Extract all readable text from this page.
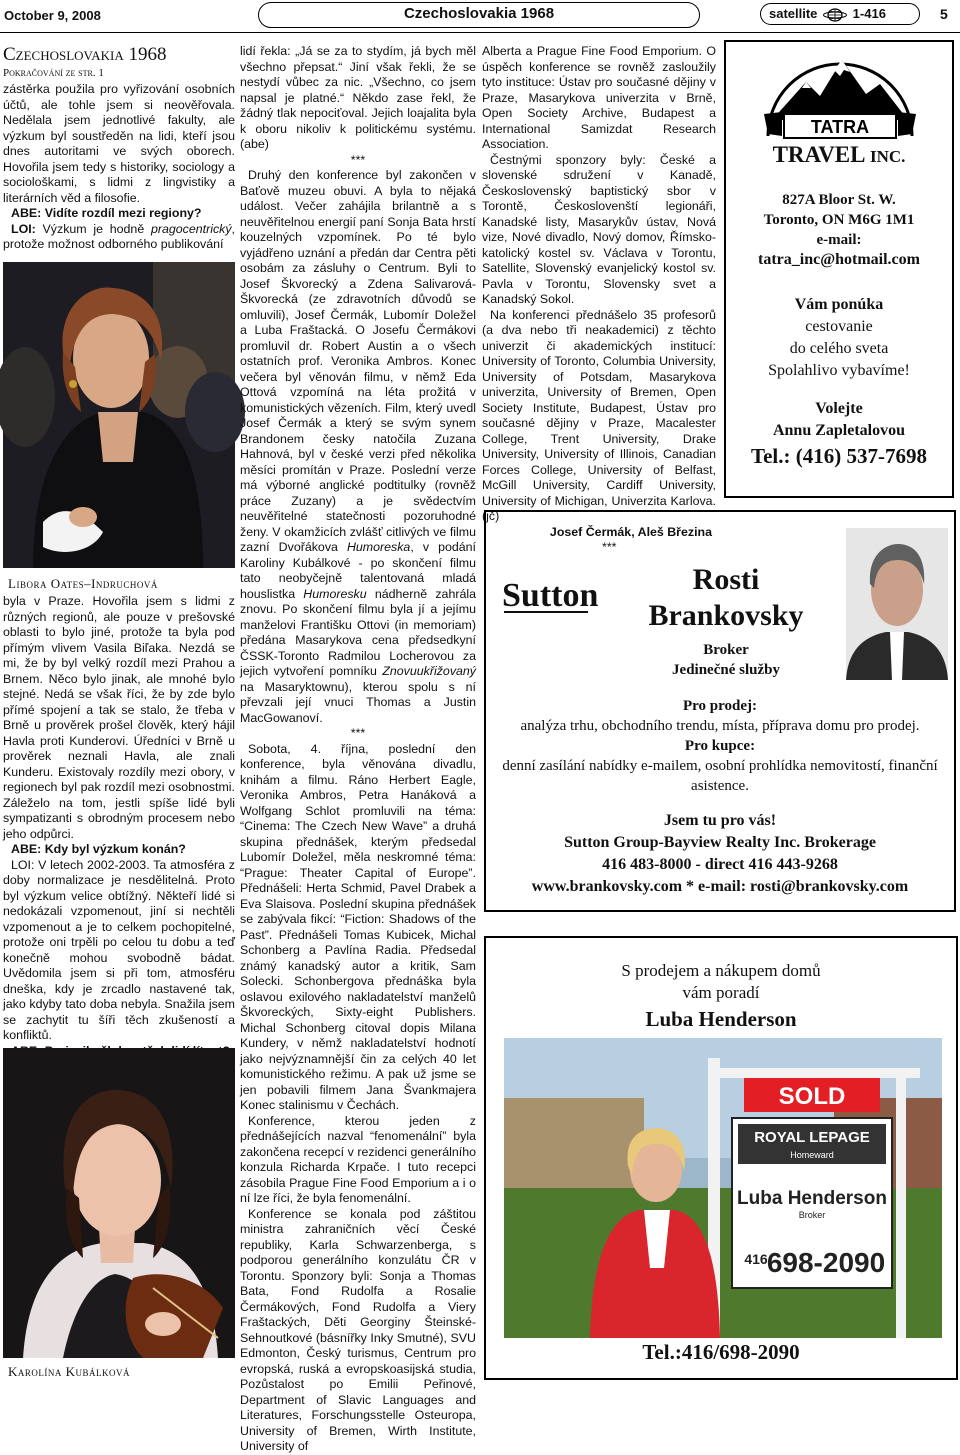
October 9, 2008	Czechoslovakia 1968	satellite	1-416	5
Czechoslovakia 1968
Pokračování ze str. 1

zástěrka použila pro vyřizování osobních účtů, ale tohle jsem si neověřovala. Nedělala jsem jednotlivé fakulty, ale výzkum byl soustředěn na lidi, kteří jsou dnes autoritami ve svých oborech. Hovořila jsem tedy s historiky, sociology a sociološkami, s lidmi z lingvistiky a literárních věd a filosofie.

ABE: Vidíte rozdíl mezi regiony?

LOI: Výzkum je hodně pragocentrický, protože možnost odborného publikování

Libora Oates–Indruchová

byla v Praze. Hovořila jsem s lidmi z různých regionů, ale pouze v prešovské oblasti to bylo jiné, protože ta byla pod přímým vlivem Vasila Biľaka. Nezdá se mi, že by byl velký rozdíl mezi Prahou a Brnem. Něco bylo jinak, ale mnohé bylo stejné. Nedá se však říci, že by zde bylo přímé spojení a tak se stalo, že třeba v Brně u prověrek prošel člověk, který hájil Havla proti Kunderovi. Úředníci v Brně u prověrek neznali Havla, ale znali Kunderu. Existovaly rozdíly mezi obory, v regionech byl pak rozdíl mezi osobnostmi. Záleželo na tom, jestli spíše lidé byli sympatizanti s obrodným procesem nebo jeho odpůrci.

ABE: Kdy byl výzkum konán?

LOI: V letech 2002-2003. Ta atmosféra z doby normalizace je nesdělitelná. Proto byl výzkum velice obtížný. Někteří lidé si nedokázali vzpomenout, jiní si nechtěli vzpomenout a je to celkem pochopitelné, protože oni trpěli po celou tu dobu a teď konečně mohou svobodně bádat. Uvědomila jsem si při tom, atmosféru dneška, kdy je zrcadlo nastavené tak, jako kdyby tato doba nebyla. Snažila jsem se zachytit tu šíři těch zkušeností a konfliktů.

Karolína Kubálková

lidí řekla: „Já se za to stydím, já bych měl všechno přepsat.“ Jiní však řekli, že se nestydí vůbec za nic. „Všechno, co jsem napsal je platné.“ Někdo zase řekl, že žádný tlak nepociťoval. Jejich loajalita byla k oboru nikoliv k politickému systému. (abe)

***

Druhý den konference byl zakončen v Baťově muzeu obuvi. A byla to nějaká událost. Večer zahájila brilantně a s neuvěřitelnou energií paní Sonja Bata hrstí kouzelných vzpomínek. Po té bylo vyjádřeno uznání a předán dar Centra pěti osobám za zásluhy o Centrum. Byli to Josef Škvorecký a Zdena Salivarová-Škvorecká (ze zdravotních důvodů se omluvili), Josef Čermák, Lubomír Doležel a Luba Fraštacká. O Josefu Čermákovi promluvil dr. Robert Austin a o všech ostatních prof. Veronika Ambros. Konec večera byl věnován filmu, v němž Eda Ottová vzpomíná na léta prožitá v komunistických vězeních. Film, který uvedl Josef Čermák a který se svým synem Brandonem česky natočila Zuzana Hahnová, byl v české verzi před několika měsíci promítán v Praze. Poslední verze má výborné anglické podtitulky (rovněž práce Zuzany) a je svědectvím neuvěřitelné statečnosti pozoruhodné ženy. V okamžicích zvlášť citlivých ve filmu zazní Dvořákova Humoreska, v podání Karoliny Kubálkové - po skončení filmu tato neobyčejně talentovaná mladá houslistka Humoresku nádherně zahrála znovu. Po skončení filmu byla jí a jejímu manželovi Františku Ottovi (in memoriam) předána Masarykova cena předsedkyní ČSSK-Toronto Radmilou Locherovou za jejich vytvoření pomníku Znovuukřižovaný na Masaryktownu), kterou spolu s ní převzali její vnuci Thomas a Justin MacGowanoví.

***

Sobota, 4. října, poslední den konference, byla věnována divadlu, knihám a filmu. Ráno Herbert Eagle, Veronika Ambros, Petra Hanáková a Wolfgang Schlot promluvili na téma: “Cinema: The Czech New Wave” a druhá skupina přednášek, kterým předsedal Lubomír Doležel, měla neskromné téma: “Prague: Theater Capital of Europe”. Přednášeli: Herta Schmid, Pavel Drabek a Eva Slaisova. Poslední skupina přednášek se zabývala fikcí: “Fiction: Shadows of the Past”. Přednášeli Tomas Kubicek, Michal Schonberg a Pavlína Radia. Předsedal známý kanadský autor a kritik, Sam Solecki. Schonbergova přednáška byla oslavou exilového nakladatelství manželů Škvoreckých, Sixty-eight Publishers. Michal Schonberg citoval dopis Milana Kundery, v němž nakladatelství hodnotí jako nejvýznamnější čin za celých 40 let komunistického režimu. A pak už jsme se jen pobavili filmem Jana Švankmajera Konec stalinismu v Čechách.

Konference, kterou jeden z přednášejících nazval “fenomenální” byla zakončena recepcí v rezidenci generálního konzula Richarda Krpače. I tuto recepci zásobila Prague Fine Food Emporium a i o ní lze říci, že byla fenomenální.

Konference se konala pod záštitou ministra zahraničních věcí České republiky, Karla Schwarzenberga, s podporou generálního konzulátu ČR v Torontu. Sponzory byli: Sonja a Thomas Bata, Fond Rudolfa a Rosalie Čermákových, Fond Rudolfa a Viery Fraštackých, Děti Georginy Šteinské-Sehnoutkové (básnířky Inky Smutné), SVU Edmonton, Český turismus, Centrum pro evropská, ruská a evropskoasijská studia, Pozůstalost po Emilii Peřinové, Department of Slavic Languages and Literatures, Forschungsstelle Osteuropa, University of Bremen, Wirth Institute, University of

Alberta a Prague Fine Food Emporium. O úspěch konference se rovněž zasloužily tyto instituce: Ústav pro současné dějiny v Praze, Masarykova univerzita v Brně, Open Society Archive, Budapest a International Samizdat Research Association.

Čestnými sponzory byly: České a slovenské sdružení v Kanadě, Československý baptistický sbor v Torontě, Českoslovenští legionáři, Kanadské listy, Masarykův ústav, Nová vize, Nové divadlo, Nový domov, Římsko-katolický kostel sv. Václava v Torontu, Satellite, Slovenský evanjelický kostol sv. Pavla v Torontu, Slovensky svet a Kanadský Sokol.

Na konferenci přednášelo 35 profesorů (a dva nebo tři neakademici) z těchto univerzit či akademických institucí: University of Toronto, Columbia University, University of Potsdam, Masarykova univerzita, University of Bremen, Open Society Institute, Budapest, Ústav pro současné dějiny v Praze, Macalester College, Trent University, Drake University, University of Illinois, Canadian Forces College, University of Belfast, McGill University, Cardiff University, University of Michigan, Univerzita Karlova. (jč)

Josef Čermák, Aleš Březina

***

TATRA
TRAVEL INC.
827A Bloor St. W.
Toronto, ON M6G 1M1
e-mail:
tatra_inc@hotmail.com
Vám ponúka
cestovanie
do celého sveta
Spolahlivo vybavíme!
Volejte
Annu Zapletalovou
Tel.: (416) 537-7698
Sutton	Rosti
Brankovsky
Broker
Jedinečné služby
Pro prodej:
analýza trhu, obchodního trendu, místa, příprava domu pro prodej.
Pro kupce:
denní zasílání nabídky e-mailem, osobní prohlídka nemovitostí, finanční asistence.
Jsem tu pro vás!
Sutton Group-Bayview Realty Inc. Brokerage
416 483-8000 - direct 416 443-9268
www.brankovsky.com * e-mail: rosti@brankovsky.com
S prodejem a nákupem domů
vám poradí
Luba Henderson
SOLD
ROYAL LEPAGE
Homeward
Luba Henderson
Broker
416 698-2090
Tel.:416/698-2090
